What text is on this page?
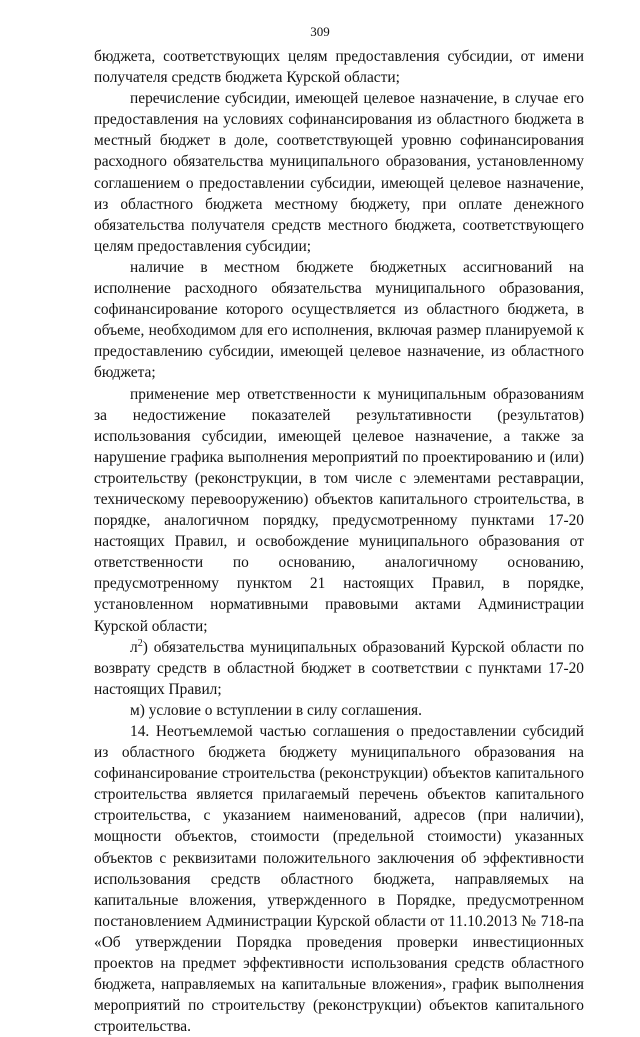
309

бюджета, соответствующих целям предоставления субсидии, от имени получателя средств бюджета Курской области;

перечисление субсидии, имеющей целевое назначение, в случае его предоставления на условиях софинансирования из областного бюджета в местный бюджет в доле, соответствующей уровню софинансирования расходного обязательства муниципального образования, установленному соглашением о предоставлении субсидии, имеющей целевое назначение, из областного бюджета местному бюджету, при оплате денежного обязательства получателя средств местного бюджета, соответствующего целям предоставления субсидии;

наличие в местном бюджете бюджетных ассигнований на исполнение расходного обязательства муниципального образования, софинансирование которого осуществляется из областного бюджета, в объеме, необходимом для его исполнения, включая размер планируемой к предоставлению субсидии, имеющей целевое назначение, из областного бюджета;

применение мер ответственности к муниципальным образованиям за недостижение показателей результативности (результатов) использования субсидии, имеющей целевое назначение, а также за нарушение графика выполнения мероприятий по проектированию и (или) строительству (реконструкции, в том числе с элементами реставрации, техническому перевооружению) объектов капитального строительства, в порядке, аналогичном порядку, предусмотренному пунктами 17-20 настоящих Правил, и освобождение муниципального образования от ответственности по основанию, аналогичному основанию, предусмотренному пунктом 21 настоящих Правил, в порядке, установленном нормативными правовыми актами Администрации Курской области;

$л^2$) обязательства муниципальных образований Курской области по возврату средств в областной бюджет в соответствии с пунктами 17-20 настоящих Правил;

м) условие о вступлении в силу соглашения.

14. Неотъемлемой частью соглашения о предоставлении субсидий из областного бюджета бюджету муниципального образования на софинансирование строительства (реконструкции) объектов капитального строительства является прилагаемый перечень объектов капитального строительства, с указанием наименований, адресов (при наличии), мощности объектов, стоимости (предельной стоимости) указанных объектов с реквизитами положительного заключения об эффективности использования средств областного бюджета, направляемых на капитальные вложения, утвержденного в Порядке, предусмотренном постановлением Администрации Курской области от 11.10.2013 № 718-па «Об утверждении Порядка проведения проверки инвестиционных проектов на предмет эффективности использования средств областного бюджета, направляемых на капитальные вложения», график выполнения мероприятий по строительству (реконструкции) объектов капитального строительства.
